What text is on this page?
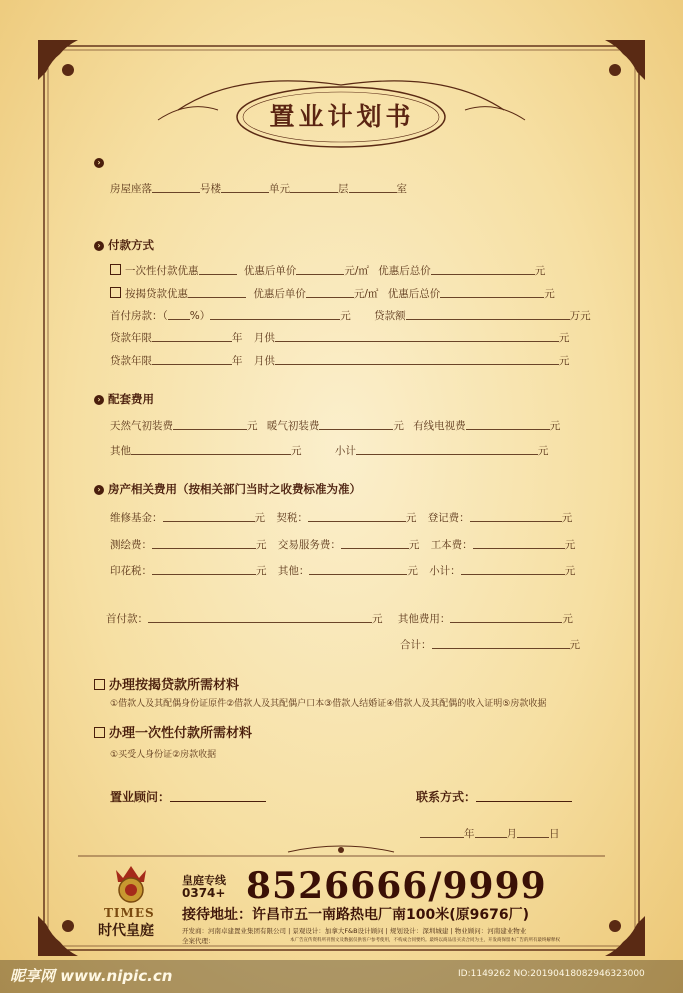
置业计划书
›
房屋座落	号楼	单元	层	室
› 付款方式
一次性付款优惠	优惠后单价	元/㎡ 优惠后总价	元
按揭贷款优惠	优惠后单价	元/㎡ 优惠后总价	元
首付房款：（ %）	元 贷款额	万元
贷款年限	年 月供	元
贷款年限	年 月供	元
› 配套费用
天然气初装费	元 暖气初装费	元 有线电视费	元
其他	元	小计	元
› 房产相关费用（按相关部门当时之收费标准为准）
维修基金：	元 契税：	元 登记费：	元
测绘费：	元 交易服务费：	元 工本费：	元
印花税：	元 其他：	元 小计：	元
首付款：	元 其他费用：	元
合计：	元
办理按揭贷款所需材料
①借款人及其配偶身份证原件②借款人及其配偶户口本③借款人结婚证④借款人及其配偶的收入证明⑤房款收据
办理一次性付款所需材料
①买受人身份证②房款收据
置业顾问：	联系方式：
年	月	日
TIMES
时代皇庭
皇庭专线
0374+ 8526666/9999
接待地址：许昌市五一南路热电厂南100米(原9676厂)
开发商：河南卓建置业集团有限公司 | 景观设计：加拿大F&B设计顾问 | 规划设计：深圳城建 | 物业顾问：河南建业物业
全案代理：	本广告宣传资料所刊图文及数据仅供客户参考使用，不构成合同要约。最终以商品房买卖合同为主，开发商保留本广告的所有最终解释权
昵享网 www.nipic.cn	ID:1149262 NO:20190418082946323000
